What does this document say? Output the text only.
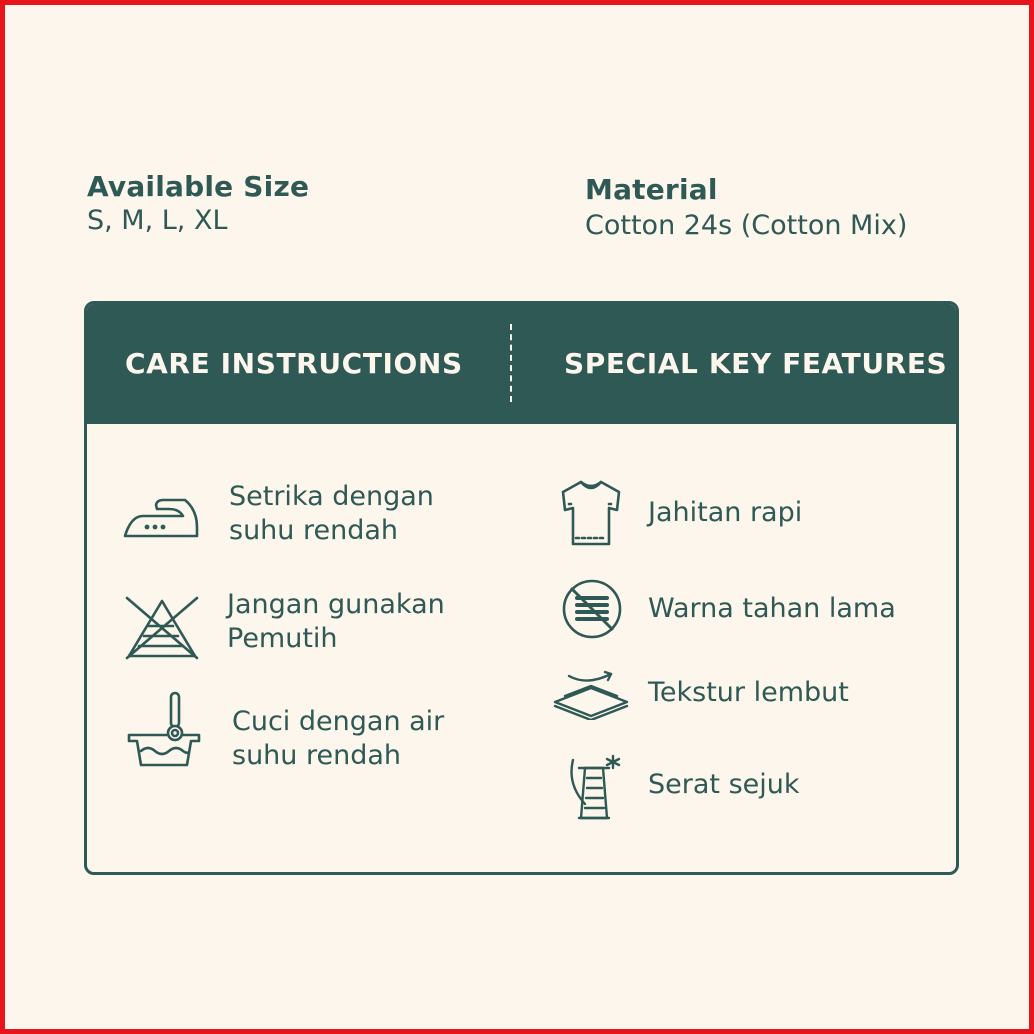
Available Size
S, M, L, XL
Material
Cotton 24s (Cotton Mix)
CARE INSTRUCTIONS	SPECIAL KEY FEATURES
Setrika dengan
suhu rendah
Jangan gunakan
Pemutih
Cuci dengan air
suhu rendah
Jahitan rapi
Warna tahan lama
Tekstur lembut
Serat sejuk
